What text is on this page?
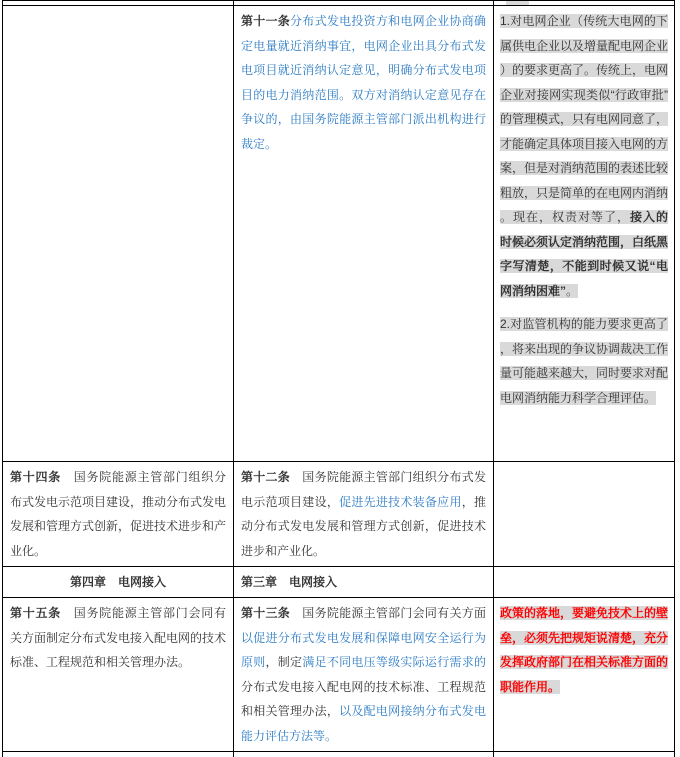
	第十一条分布式发电投资方和电网企业协商确定电量就近消纳事宜，电网企业出具分布式发电项目就近消纳认定意见，明确分布式发电项目的电力消纳范围。双方对消纳认定意见存在争议的，由国务院能源主管部门派出机构进行裁定。	1.对电网企业（传统大电网的下属供电企业以及增量配电网企业）的要求更高了。传统上，电网企业对接网实现类似“行政审批”的管理模式，只有电网同意了，才能确定具体项目接入电网的方案，但是对消纳范围的表述比较粗放，只是简单的在电网内消纳。现在，权责对等了，接入的时候必须认定消纳范围，白纸黑字写清楚，不能到时候又说“电网消纳困难”。

2.对监管机构的能力要求更高了，将来出现的争议协调裁决工作量可能越来越大，同时要求对配电网消纳能力科学合理评估。

第十四条　国务院能源主管部门组织分布式发电示范项目建设，推动分布式发电发展和管理方式创新，促进技术进步和产业化。	第十二条　国务院能源主管部门组织分布式发电示范项目建设，促进先进技术装备应用，推动分布式发电发展和管理方式创新，促进技术进步和产业化。	

第四章　电网接入	第三章　电网接入	

第十五条　国务院能源主管部门会同有关方面制定分布式发电接入配电网的技术标准、工程规范和相关管理办法。	第十三条　国务院能源主管部门会同有关方面以促进分布式发电发展和保障电网安全运行为原则，制定满足不同电压等级实际运行需求的分布式发电接入配电网的技术标准、工程规范和相关管理办法，以及配电网接纳分布式发电能力评估方法等。	政策的落地，要避免技术上的壁垒，必须先把规矩说清楚，充分发挥政府部门在相关标准方面的职能作用。
